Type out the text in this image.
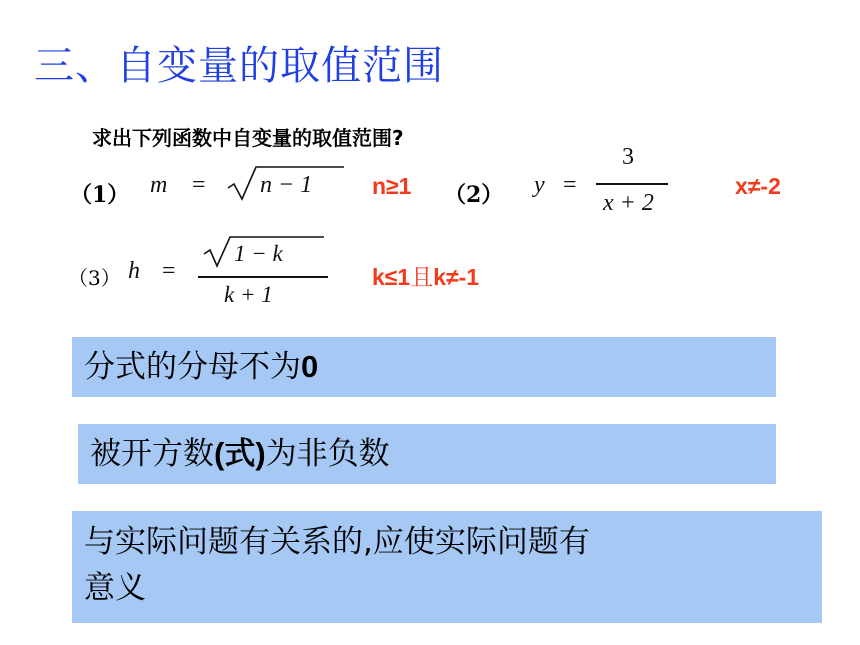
三、自变量的取值范围
求出下列函数中自变量的取值范围?
（1） m = n − 1	n≥1 （2） y =
3
x + 2
x≠-2
（3） h =
1 − k
k + 1
k≤1且k≠-1
分式的分母不为0
被开方数(式)为非负数
与实际问题有关系的,应使实际问题有
意义
